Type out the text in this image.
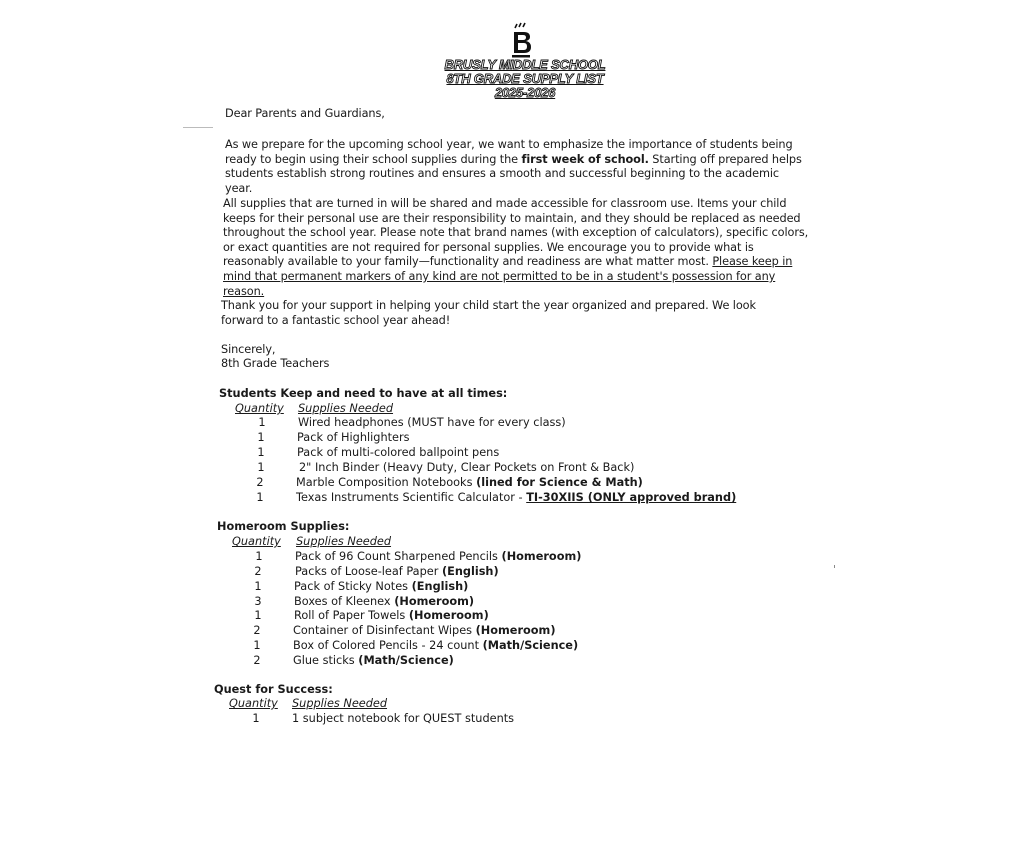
BRUSLY MIDDLE SCHOOL
8TH GRADE SUPPLY LIST
2025-2026
Dear Parents and Guardians,
As we prepare for the upcoming school year, we want to emphasize the importance of students being ready to begin using their school supplies during the first week of school. Starting off prepared helps students establish strong routines and ensures a smooth and successful beginning to the academic year.
All supplies that are turned in will be shared and made accessible for classroom use. Items your child keeps for their personal use are their responsibility to maintain, and they should be replaced as needed throughout the school year. Please note that brand names (with exception of calculators), specific colors, or exact quantities are not required for personal supplies. We encourage you to provide what is reasonably available to your family—functionality and readiness are what matter most. Please keep in mind that permanent markers of any kind are not permitted to be in a student's possession for any reason.
Thank you for your support in helping your child start the year organized and prepared. We look forward to a fantastic school year ahead!
Sincerely,
8th Grade Teachers
Students Keep and need to have at all times:
Quantity Supplies Needed
1	Wired headphones (MUST have for every class)
1	Pack of Highlighters
1	Pack of multi-colored ballpoint pens
1	2" Inch Binder (Heavy Duty, Clear Pockets on Front & Back)
2	Marble Composition Notebooks (lined for Science & Math)
1	Texas Instruments Scientific Calculator - TI-30XIIS (ONLY approved brand)
Homeroom Supplies:
Quantity Supplies Needed
1	Pack of 96 Count Sharpened Pencils (Homeroom)
2	Packs of Loose-leaf Paper (English)
1	Pack of Sticky Notes (English)
3	Boxes of Kleenex (Homeroom)
1	Roll of Paper Towels (Homeroom)
2	Container of Disinfectant Wipes (Homeroom)
1	Box of Colored Pencils - 24 count (Math/Science)
2	Glue sticks (Math/Science)
Quest for Success:
Quantity Supplies Needed
1	1 subject notebook for QUEST students
